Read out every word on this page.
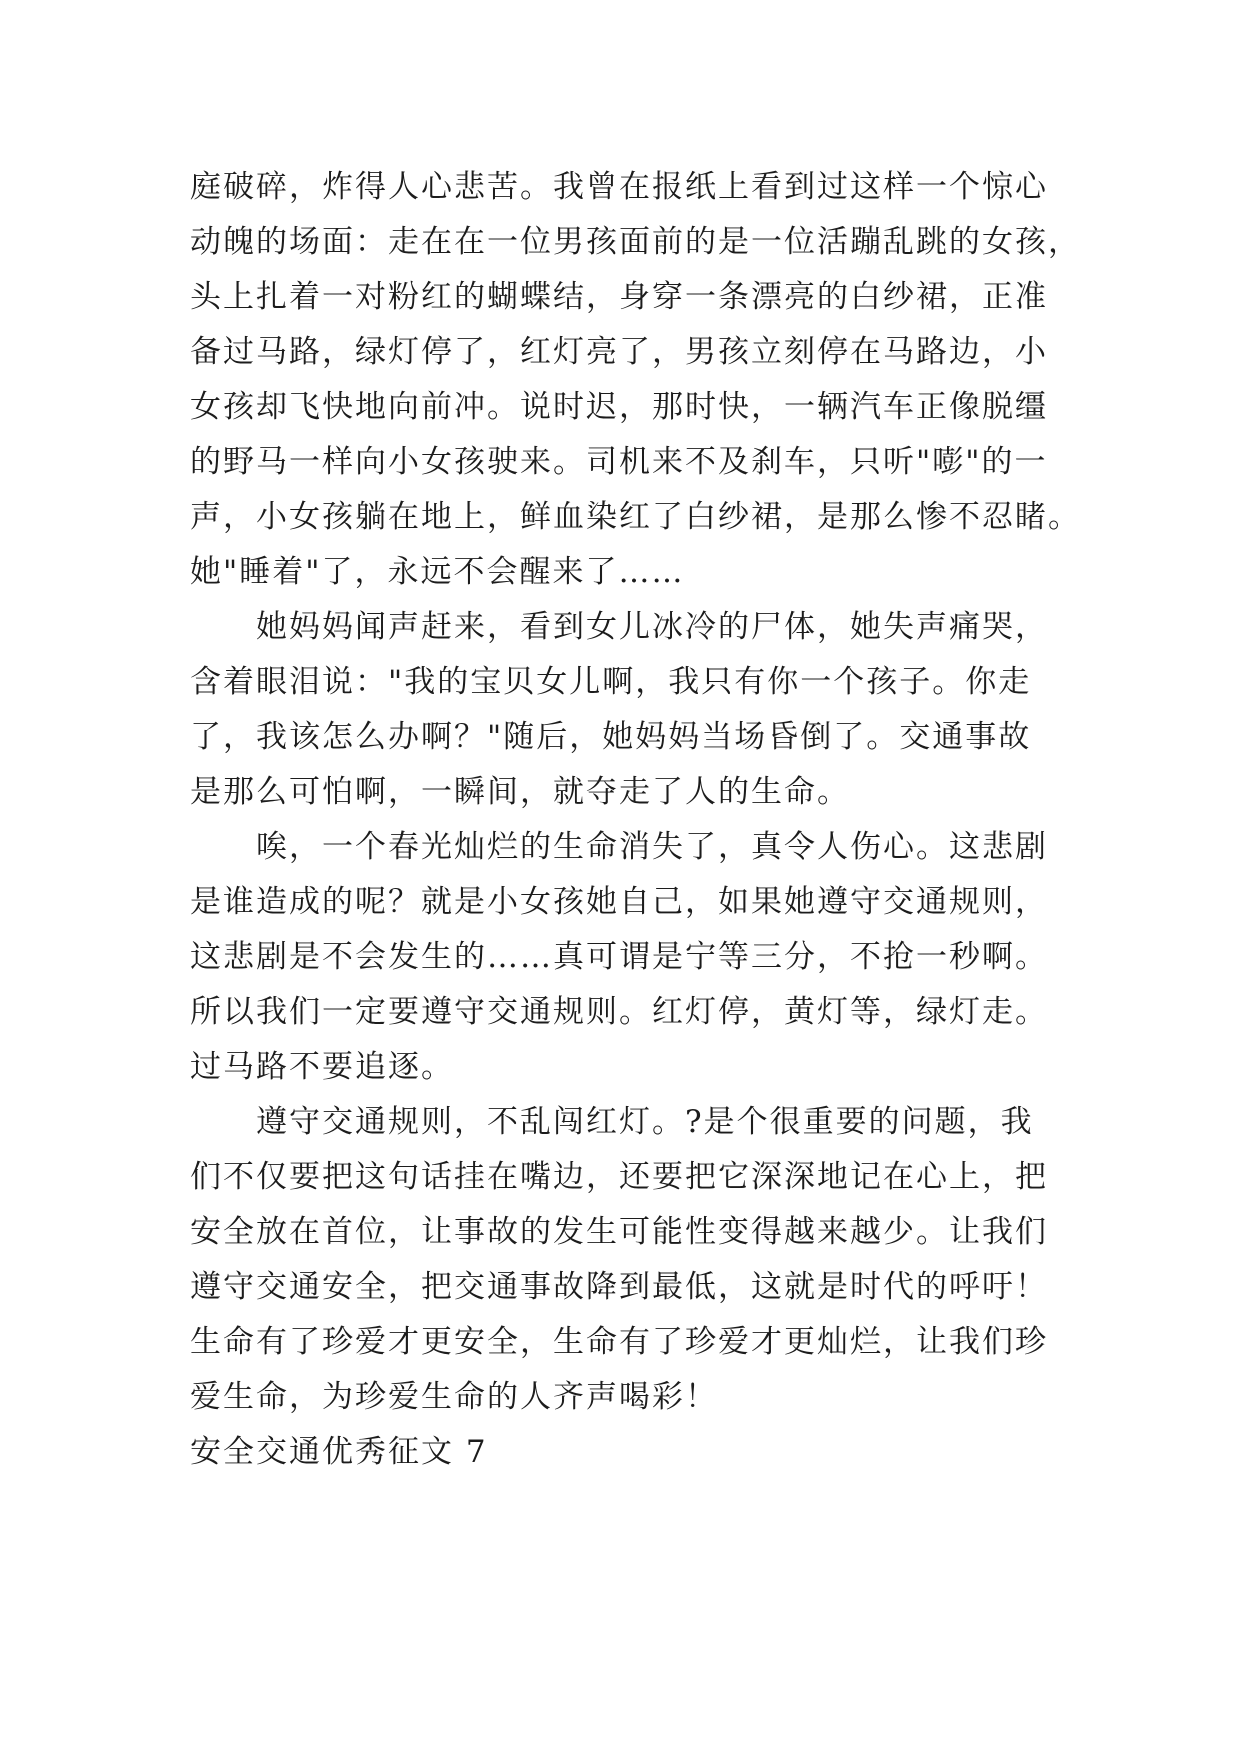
庭破碎，炸得人心悲苦。我曾在报纸上看到过这样一个惊心
动魄的场面：走在在一位男孩面前的是一位活蹦乱跳的女孩，
头上扎着一对粉红的蝴蝶结，身穿一条漂亮的白纱裙，正准
备过马路，绿灯停了，红灯亮了，男孩立刻停在马路边，小
女孩却飞快地向前冲。说时迟，那时快，一辆汽车正像脱缰
的野马一样向小女孩驶来。司机来不及刹车，只听"嘭"的一
声，小女孩躺在地上，鲜血染红了白纱裙，是那么惨不忍睹。
她"睡着"了，永远不会醒来了……
她妈妈闻声赶来，看到女儿冰冷的尸体，她失声痛哭，
含着眼泪说："我的宝贝女儿啊，我只有你一个孩子。你走
了，我该怎么办啊？"随后，她妈妈当场昏倒了。交通事故
是那么可怕啊，一瞬间，就夺走了人的生命。
唉，一个春光灿烂的生命消失了，真令人伤心。这悲剧
是谁造成的呢？就是小女孩她自己，如果她遵守交通规则，
这悲剧是不会发生的……真可谓是宁等三分，不抢一秒啊。
所以我们一定要遵守交通规则。红灯停，黄灯等，绿灯走。
过马路不要追逐。
遵守交通规则，不乱闯红灯。?是个很重要的问题，我
们不仅要把这句话挂在嘴边，还要把它深深地记在心上，把
安全放在首位，让事故的发生可能性变得越来越少。让我们
遵守交通安全，把交通事故降到最低，这就是时代的呼吁！
生命有了珍爱才更安全，生命有了珍爱才更灿烂，让我们珍
爱生命，为珍爱生命的人齐声喝彩！
安全交通优秀征文 7
